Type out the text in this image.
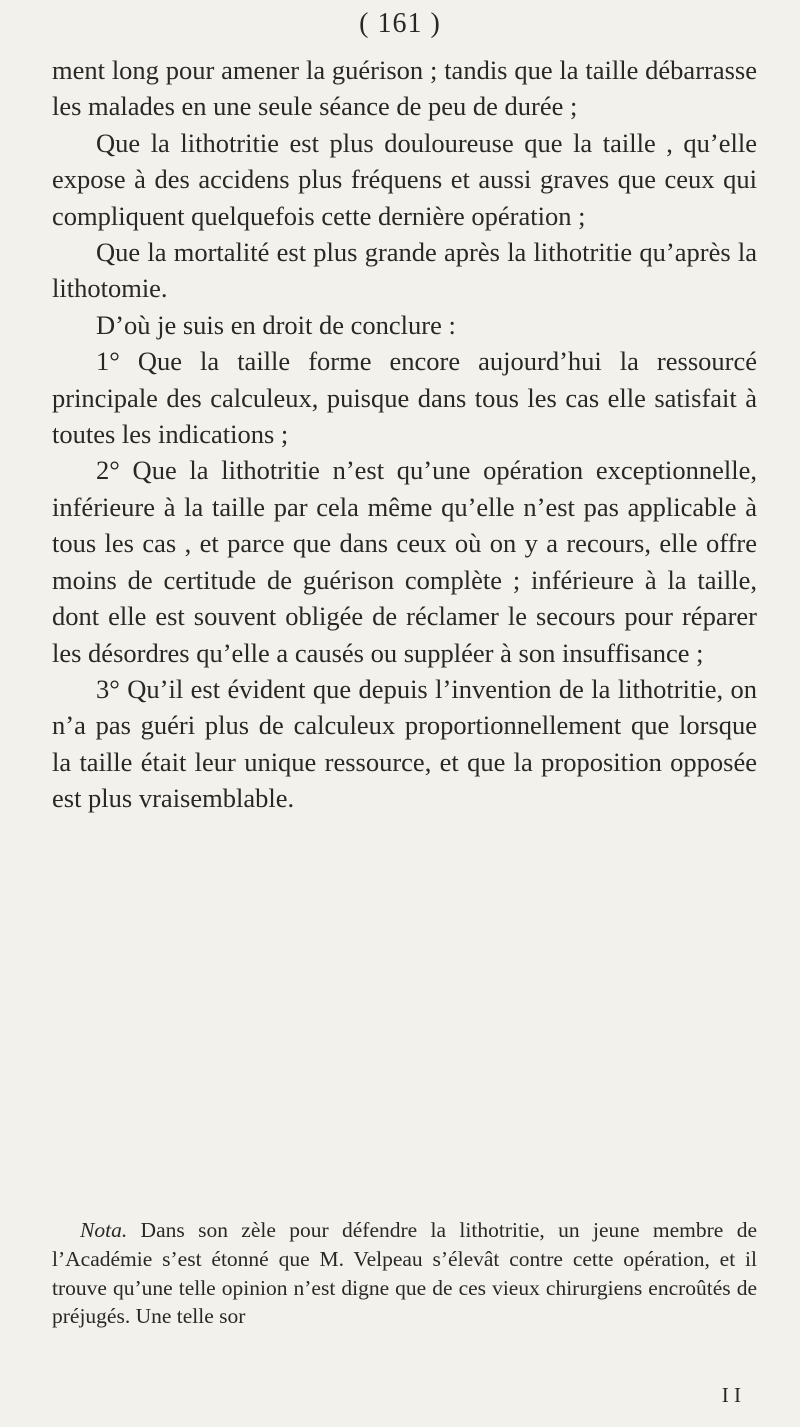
( 161 )

ment long pour amener la guérison ; tandis que la taille débarrasse les malades en une seule séance de peu de durée ;

Que la lithotritie est plus douloureuse que la taille , qu’elle expose à des accidens plus fréquens et aussi graves que ceux qui compliquent quelquefois cette dernière opération ;

Que la mortalité est plus grande après la lithotritie qu’après la lithotomie.

D’où je suis en droit de conclure :

1° Que la taille forme encore aujourd’hui la ressourcé principale des calculeux, puisque dans tous les cas elle satisfait à toutes les indications ;

2° Que la lithotritie n’est qu’une opération exceptionnelle, inférieure à la taille par cela même qu’elle n’est pas applicable à tous les cas , et parce que dans ceux où on y a recours, elle offre moins de certitude de guérison complète ; inférieure à la taille, dont elle est souvent obligée de réclamer le secours pour réparer les désordres qu’elle a causés ou suppléer à son insuffisance ;

3° Qu’il est évident que depuis l’invention de la lithotritie, on n’a pas guéri plus de calculeux proportionnellement que lorsque la taille était leur unique ressource, et que la proposition opposée est plus vraisemblable.

Nota. Dans son zèle pour défendre la lithotritie, un jeune membre de l’Académie s’est étonné que M. Velpeau s’élevât contre cette opération, et il trouve qu’une telle opinion n’est digne que de ces vieux chirurgiens encroûtés de préjugés. Une telle sor

I I
